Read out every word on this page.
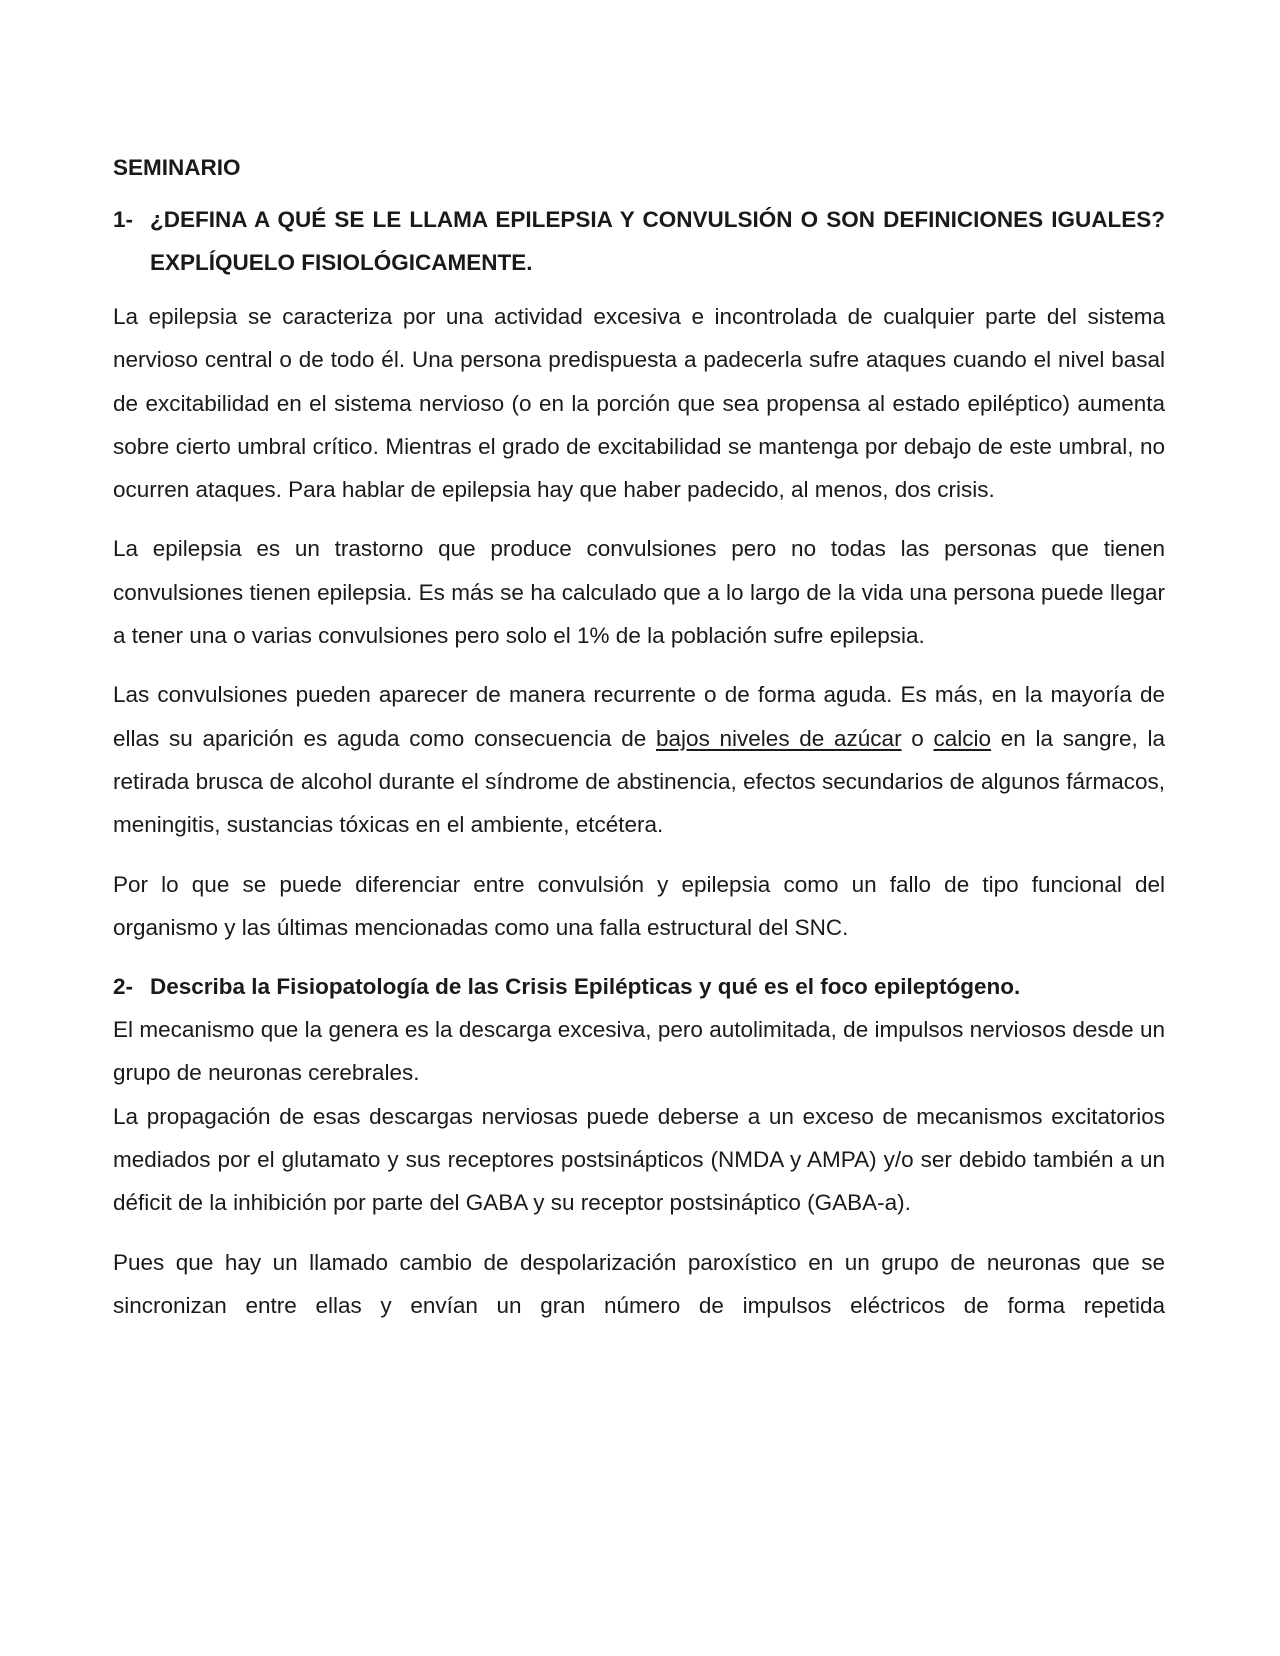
SEMINARIO
1- ¿DEFINA A QUÉ SE LE LLAMA EPILEPSIA Y CONVULSIÓN O SON DEFINICIONES IGUALES? EXPLÍQUELO FISIOLÓGICAMENTE.

La epilepsia se caracteriza por una actividad excesiva e incontrolada de cualquier parte del sistema nervioso central o de todo él. Una persona predispuesta a padecerla sufre ataques cuando el nivel basal de excitabilidad en el sistema nervioso (o en la porción que sea propensa al estado epiléptico) aumenta sobre cierto umbral crítico. Mientras el grado de excitabilidad se mantenga por debajo de este umbral, no ocurren ataques. Para hablar de epilepsia hay que haber padecido, al menos, dos crisis.

La epilepsia es un trastorno que produce convulsiones pero no todas las personas que tienen convulsiones tienen epilepsia. Es más se ha calculado que a lo largo de la vida una persona puede llegar a tener una o varias convulsiones pero solo el 1% de la población sufre epilepsia.

Las convulsiones pueden aparecer de manera recurrente o de forma aguda. Es más, en la mayoría de ellas su aparición es aguda como consecuencia de bajos niveles de azúcar o calcio en la sangre, la retirada brusca de alcohol durante el síndrome de abstinencia, efectos secundarios de algunos fármacos, meningitis, sustancias tóxicas en el ambiente, etcétera.

Por lo que se puede diferenciar entre convulsión y epilepsia como un fallo de tipo funcional del organismo y las últimas mencionadas como una falla estructural del SNC.

2- Describa la Fisiopatología de las Crisis Epilépticas y qué es el foco epileptógeno.

El mecanismo que la genera es la descarga excesiva, pero autolimitada, de impulsos nerviosos desde un grupo de neuronas cerebrales.

La propagación de esas descargas nerviosas puede deberse a un exceso de mecanismos excitatorios mediados por el glutamato y sus receptores postsinápticos (NMDA y AMPA) y/o ser debido también a un déficit de la inhibición por parte del GABA y su receptor postsináptico (GABA-a).

Pues que hay un llamado cambio de despolarización paroxístico en un grupo de neuronas que se sincronizan entre ellas y envían un gran número de impulsos eléctricos de forma repetida
